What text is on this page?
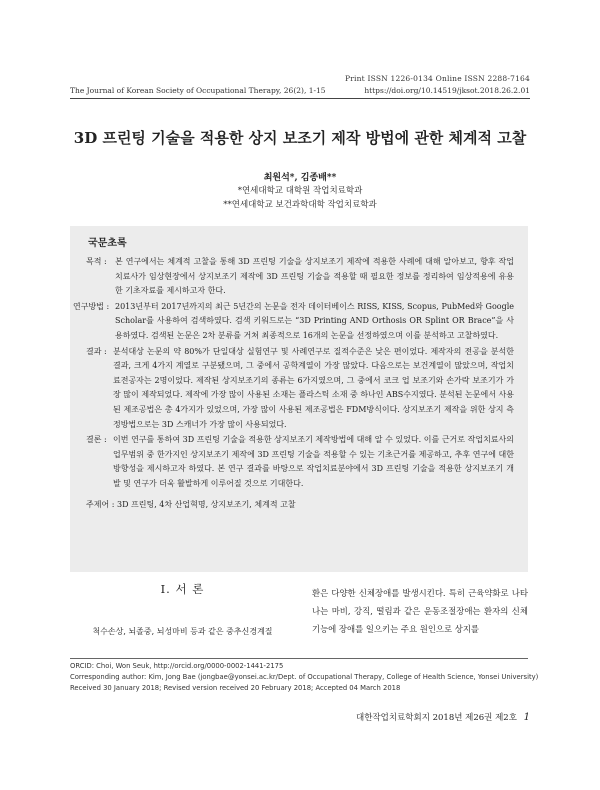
Print ISSN 1226-0134 Online ISSN 2288-7164
The Journal of Korean Society of Occupational Therapy, 26(2), 1-15	https://doi.org/10.14519/jksot.2018.26.2.01
3D 프린팅 기술을 적용한 상지 보조기 제작 방법에 관한 체계적 고찰
최원석*, 김종배**
*연세대학교 대학원 작업치료학과
**연세대학교 보건과학대학 작업치료학과
국문초록
목적 : 본 연구에서는 체계적 고찰을 통해 3D 프린팅 기술을 상지보조기 제작에 적용한 사례에 대해 알아보고, 향후 작업치료사가 임상현장에서 상지보조기 제작에 3D 프린팅 기술을 적용할 때 필요한 정보를 정리하여 임상적용에 유용한 기초자료를 제시하고자 한다.
연구방법 : 2013년부터 2017년까지의 최근 5년간의 논문을 전자 데이터베이스 RISS, KISS, Scopus, PubMed와 Google Scholar를 사용하여 검색하였다. 검색 키워드로는 “3D Printing AND Orthosis OR Splint OR Brace”을 사용하였다. 검색된 논문은 2차 분류를 거쳐 최종적으로 16개의 논문을 선정하였으며 이를 분석하고 고찰하였다.
결과 : 분석대상 논문의 약 80%가 단일대상 실험연구 및 사례연구로 질적수준은 낮은 편이었다. 제작자의 전공을 분석한 결과, 크게 4가지 계열로 구분됐으며, 그 중에서 공학계열이 가장 많았다. 다음으로는 보건계열이 많았으며, 작업치료전공자는 2명이었다. 제작된 상지보조기의 종류는 6가지였으며, 그 중에서 코크 업 보조기와 손가락 보조기가 가장 많이 제작되었다. 제작에 가장 많이 사용된 소재는 플라스틱 소재 중 하나인 ABS수지였다. 분석된 논문에서 사용된 제조공법은 총 4가지가 있었으며, 가장 많이 사용된 제조공법은 FDM방식이다. 상지보조기 제작을 위한 상지 측정방법으로는 3D 스캐너가 가장 많이 사용되었다.
결론 : 이번 연구를 통하여 3D 프린팅 기술을 적용한 상지보조기 제작방법에 대해 알 수 있었다. 이를 근거로 작업치료사의 업무범위 중 한가지인 상지보조기 제작에 3D 프린팅 기술을 적용할 수 있는 기초근거를 제공하고, 추후 연구에 대한 방향성을 제시하고자 하였다. 본 연구 결과를 바탕으로 작업치료분야에서 3D 프린팅 기술을 적용한 상지보조기 개발 및 연구가 더욱 활발하게 이루어질 것으로 기대한다.
주제어 : 3D 프린팅, 4차 산업혁명, 상지보조기, 체계적 고찰
Ⅰ. 서 론
척수손상, 뇌졸중, 뇌성마비 등과 같은 중추신경계질
환은 다양한 신체장애를 발생시킨다. 특히 근육약화로 나타나는 마비, 강직, 떨림과 같은 운동조절장애는 환자의 신체기능에 장애를 일으키는 주요 원인으로 상지를
ORCID: Choi, Won Seuk, http://orcid.org/0000-0002-1441-2175
Corresponding author: Kim, Jong Bae (jongbae@yonsei.ac.kr/Dept. of Occupational Therapy, College of Health Science, Yonsei University)
Received 30 January 2018; Revised version received 20 February 2018; Accepted 04 March 2018
대한작업치료학회지 2018년 제26권 제2호 1
